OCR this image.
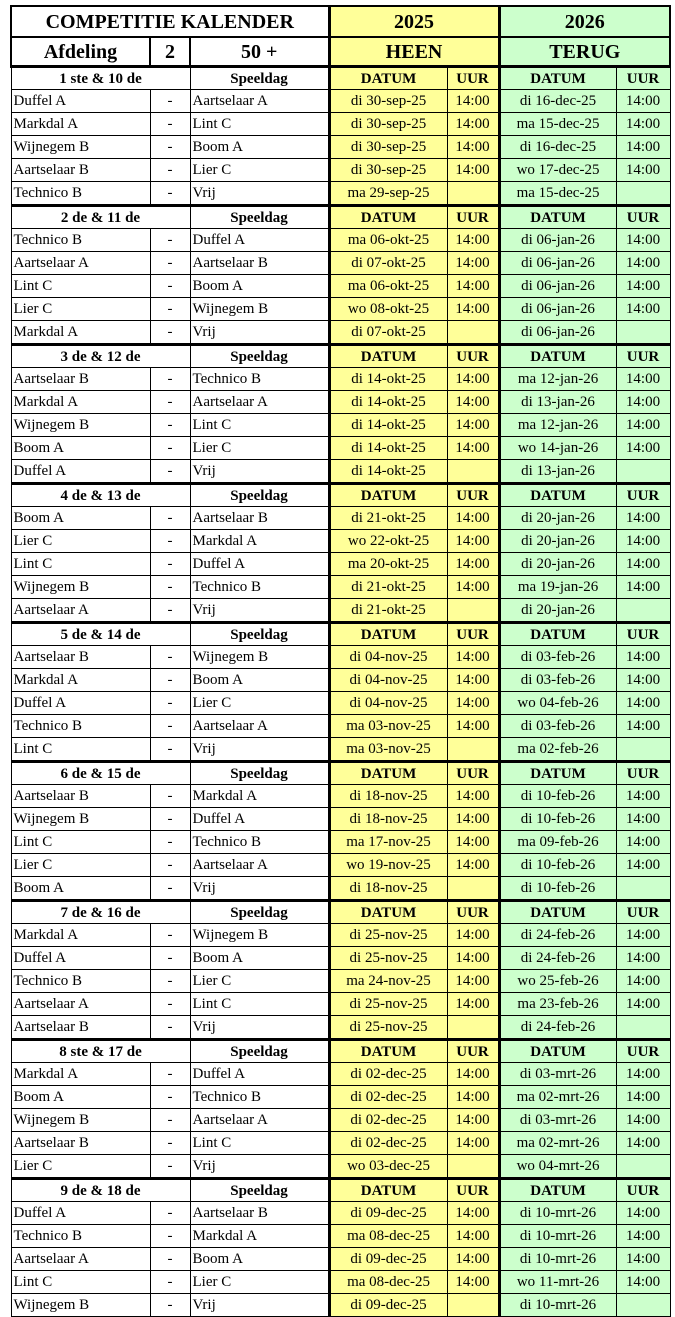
COMPETITIE KALENDER			2025		2026	
Afdeling	2	50 +	HEEN		TERUG	
1 ste & 10 de		Speeldag	DATUM	UUR	DATUM	UUR
Duffel A	-	Aartselaar A	di 30-sep-25	14:00	di 16-dec-25	14:00
Markdal A	-	Lint C	di 30-sep-25	14:00	ma 15-dec-25	14:00
Wijnegem B	-	Boom A	di 30-sep-25	14:00	di 16-dec-25	14:00
Aartselaar B	-	Lier C	di 30-sep-25	14:00	wo 17-dec-25	14:00
Technico B	-	Vrij	ma 29-sep-25		ma 15-dec-25	
2 de & 11 de		Speeldag	DATUM	UUR	DATUM	UUR
Technico B	-	Duffel A	ma 06-okt-25	14:00	di 06-jan-26	14:00
Aartselaar A	-	Aartselaar B	di 07-okt-25	14:00	di 06-jan-26	14:00
Lint C	-	Boom A	ma 06-okt-25	14:00	di 06-jan-26	14:00
Lier C	-	Wijnegem B	wo 08-okt-25	14:00	di 06-jan-26	14:00
Markdal A	-	Vrij	di 07-okt-25		di 06-jan-26	
3 de & 12 de		Speeldag	DATUM	UUR	DATUM	UUR
Aartselaar B	-	Technico B	di 14-okt-25	14:00	ma 12-jan-26	14:00
Markdal A	-	Aartselaar A	di 14-okt-25	14:00	di 13-jan-26	14:00
Wijnegem B	-	Lint C	di 14-okt-25	14:00	ma 12-jan-26	14:00
Boom A	-	Lier C	di 14-okt-25	14:00	wo 14-jan-26	14:00
Duffel A	-	Vrij	di 14-okt-25		di 13-jan-26	
4 de & 13 de		Speeldag	DATUM	UUR	DATUM	UUR
Boom A	-	Aartselaar B	di 21-okt-25	14:00	di 20-jan-26	14:00
Lier C	-	Markdal A	wo 22-okt-25	14:00	di 20-jan-26	14:00
Lint C	-	Duffel A	ma 20-okt-25	14:00	di 20-jan-26	14:00
Wijnegem B	-	Technico B	di 21-okt-25	14:00	ma 19-jan-26	14:00
Aartselaar A	-	Vrij	di 21-okt-25		di 20-jan-26	
5 de & 14 de		Speeldag	DATUM	UUR	DATUM	UUR
Aartselaar B	-	Wijnegem B	di 04-nov-25	14:00	di 03-feb-26	14:00
Markdal A	-	Boom A	di 04-nov-25	14:00	di 03-feb-26	14:00
Duffel A	-	Lier C	di 04-nov-25	14:00	wo 04-feb-26	14:00
Technico B	-	Aartselaar A	ma 03-nov-25	14:00	di 03-feb-26	14:00
Lint C	-	Vrij	ma 03-nov-25		ma 02-feb-26	
6 de & 15 de		Speeldag	DATUM	UUR	DATUM	UUR
Aartselaar B	-	Markdal A	di 18-nov-25	14:00	di 10-feb-26	14:00
Wijnegem B	-	Duffel A	di 18-nov-25	14:00	di 10-feb-26	14:00
Lint C	-	Technico B	ma 17-nov-25	14:00	ma 09-feb-26	14:00
Lier C	-	Aartselaar A	wo 19-nov-25	14:00	di 10-feb-26	14:00
Boom A	-	Vrij	di 18-nov-25		di 10-feb-26	
7 de & 16 de		Speeldag	DATUM	UUR	DATUM	UUR
Markdal A	-	Wijnegem B	di 25-nov-25	14:00	di 24-feb-26	14:00
Duffel A	-	Boom A	di 25-nov-25	14:00	di 24-feb-26	14:00
Technico B	-	Lier C	ma 24-nov-25	14:00	wo 25-feb-26	14:00
Aartselaar A	-	Lint C	di 25-nov-25	14:00	ma 23-feb-26	14:00
Aartselaar B	-	Vrij	di 25-nov-25		di 24-feb-26	
8 ste & 17 de		Speeldag	DATUM	UUR	DATUM	UUR
Markdal A	-	Duffel A	di 02-dec-25	14:00	di 03-mrt-26	14:00
Boom A	-	Technico B	di 02-dec-25	14:00	ma 02-mrt-26	14:00
Wijnegem B	-	Aartselaar A	di 02-dec-25	14:00	di 03-mrt-26	14:00
Aartselaar B	-	Lint C	di 02-dec-25	14:00	ma 02-mrt-26	14:00
Lier C	-	Vrij	wo 03-dec-25		wo 04-mrt-26	
9 de & 18 de		Speeldag	DATUM	UUR	DATUM	UUR
Duffel A	-	Aartselaar B	di 09-dec-25	14:00	di 10-mrt-26	14:00
Technico B	-	Markdal A	ma 08-dec-25	14:00	di 10-mrt-26	14:00
Aartselaar A	-	Boom A	di 09-dec-25	14:00	di 10-mrt-26	14:00
Lint C	-	Lier C	ma 08-dec-25	14:00	wo 11-mrt-26	14:00
Wijnegem B	-	Vrij	di 09-dec-25		di 10-mrt-26	
